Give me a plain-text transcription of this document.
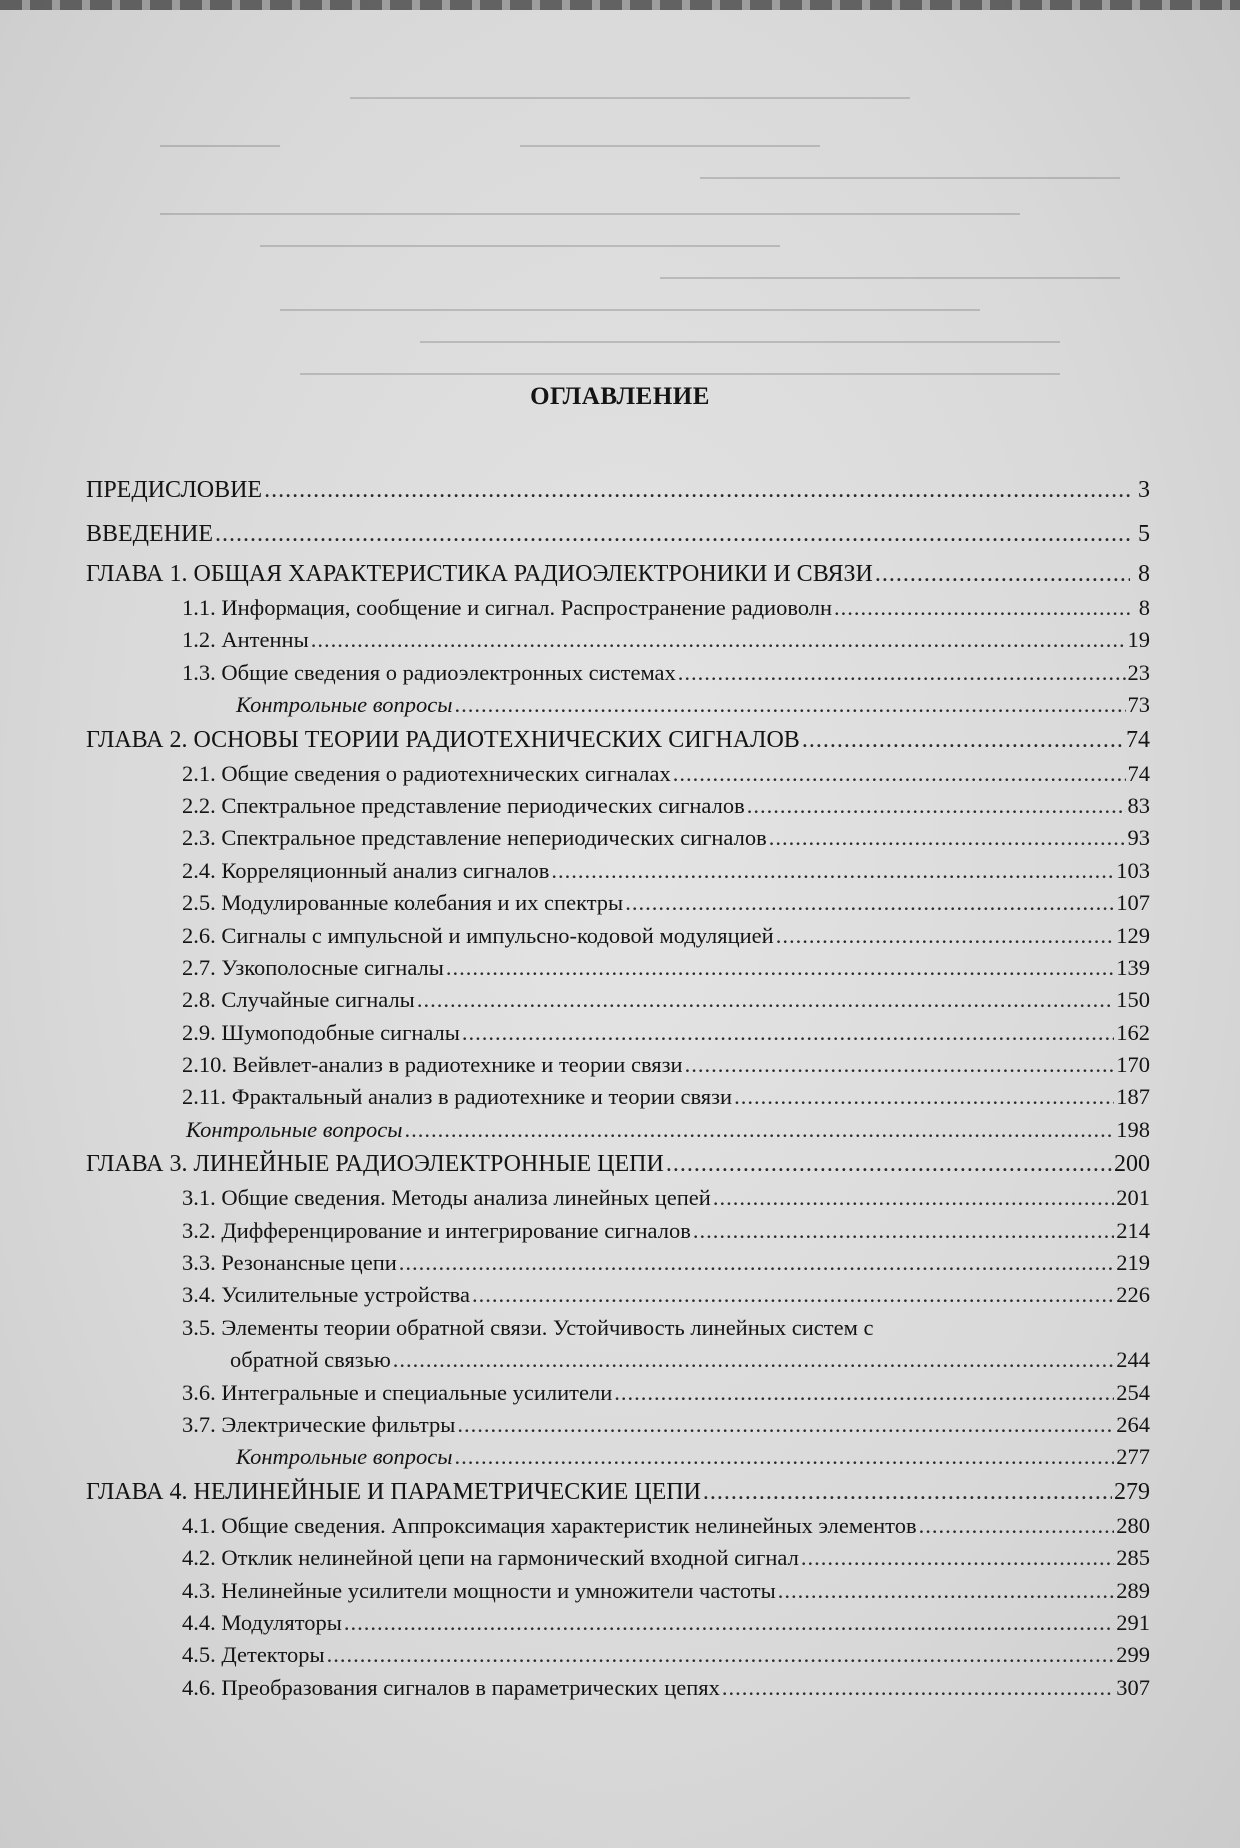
ОГЛАВЛЕНИЕ
ПРЕДИСЛОВИЕ .....	3
ВВЕДЕНИЕ .....	5
ГЛАВА 1. ОБЩАЯ ХАРАКТЕРИСТИКА РАДИОЭЛЕКТРОНИКИ И СВЯЗИ .....	8
1.1. Информация, сообщение и сигнал. Распространение радиоволн .....	8
1.2. Антенны .....	19
1.3. Общие сведения о радиоэлектронных системах .....	23
Контрольные вопросы .....	73
ГЛАВА 2. ОСНОВЫ ТЕОРИИ РАДИОТЕХНИЧЕСКИХ СИГНАЛОВ .....	74
2.1. Общие сведения о радиотехнических сигналах .....	74
2.2. Спектральное представление периодических сигналов .....	83
2.3. Спектральное представление непериодических сигналов .....	93
2.4. Корреляционный анализ сигналов .....	103
2.5. Модулированные колебания и их спектры .....	107
2.6. Сигналы с импульсной и импульсно-кодовой модуляцией .....	129
2.7. Узкополосные сигналы .....	139
2.8. Случайные сигналы .....	150
2.9. Шумоподобные сигналы .....	162
2.10. Вейвлет-анализ в радиотехнике и теории связи .....	170
2.11. Фрактальный анализ в радиотехнике и теории связи .....	187
Контрольные вопросы .....	198
ГЛАВА 3. ЛИНЕЙНЫЕ РАДИОЭЛЕКТРОННЫЕ ЦЕПИ .....	200
3.1. Общие сведения. Методы анализа линейных цепей .....	201
3.2. Дифференцирование и интегрирование сигналов .....	214
3.3. Резонансные цепи .....	219
3.4. Усилительные устройства .....	226
3.5. Элементы теории обратной связи. Устойчивость линейных систем с
обратной связью .....	244
3.6. Интегральные и специальные усилители .....	254
3.7. Электрические фильтры .....	264
Контрольные вопросы .....	277
ГЛАВА 4. НЕЛИНЕЙНЫЕ И ПАРАМЕТРИЧЕСКИЕ ЦЕПИ .....	279
4.1. Общие сведения. Аппроксимация характеристик нелинейных элементов .....	280
4.2. Отклик нелинейной цепи на гармонический входной сигнал .....	285
4.3. Нелинейные усилители мощности и умножители частоты .....	289
4.4. Модуляторы .....	291
4.5. Детекторы .....	299
4.6. Преобразования сигналов в параметрических цепях .....	307
